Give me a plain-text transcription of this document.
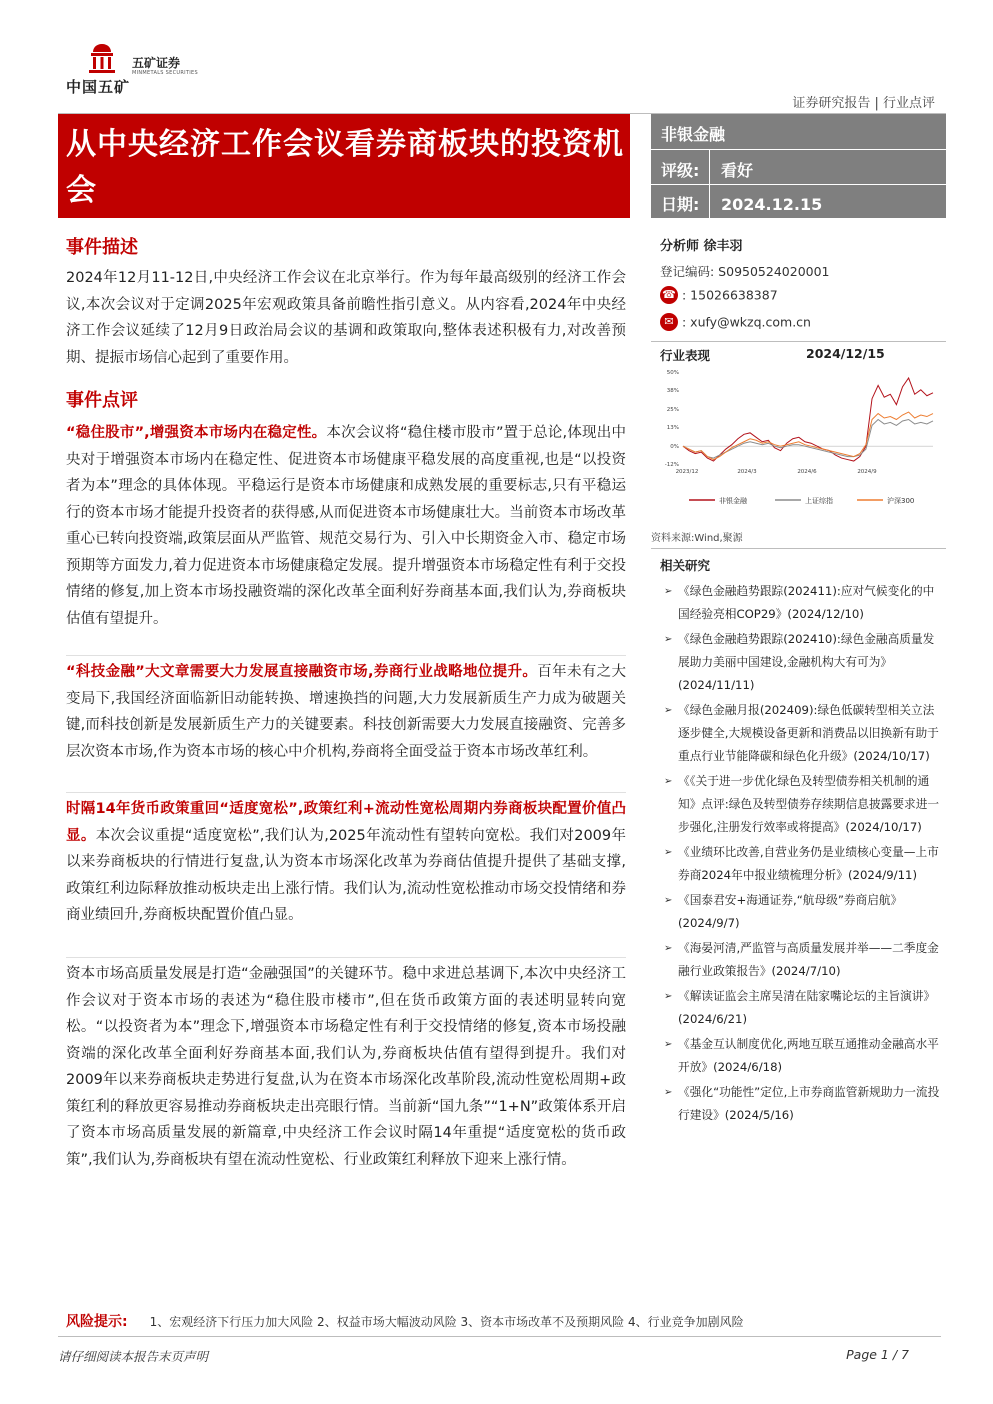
中国五矿
五矿证券
MINMETALS SECURITIES
证券研究报告 | 行业点评
从中央经济工作会议看券商板块的投资机会
非银金融
评级: 看好
日期: 2024.12.15
事件描述
2024年12月11-12日,中央经济工作会议在北京举行。作为每年最高级别的经济工作会议,本次会议对于定调2025年宏观政策具备前瞻性指引意义。从内容看,2024年中央经济工作会议延续了12月9日政治局会议的基调和政策取向,整体表述积极有力,对改善预期、提振市场信心起到了重要作用。
事件点评
“稳住股市”,增强资本市场内在稳定性。本次会议将“稳住楼市股市”置于总论,体现出中央对于增强资本市场内在稳定性、促进资本市场健康平稳发展的高度重视,也是“以投资者为本”理念的具体体现。平稳运行是资本市场健康和成熟发展的重要标志,只有平稳运行的资本市场才能提升投资者的获得感,从而促进资本市场健康壮大。当前资本市场改革重心已转向投资端,政策层面从严监管、规范交易行为、引入中长期资金入市、稳定市场预期等方面发力,着力促进资本市场健康稳定发展。提升增强资本市场稳定性有利于交投情绪的修复,加上资本市场投融资端的深化改革全面利好券商基本面,我们认为,券商板块估值有望提升。
“科技金融”大文章需要大力发展直接融资市场,券商行业战略地位提升。百年未有之大变局下,我国经济面临新旧动能转换、增速换挡的问题,大力发展新质生产力成为破题关键,而科技创新是发展新质生产力的关键要素。科技创新需要大力发展直接融资、完善多层次资本市场,作为资本市场的核心中介机构,券商将全面受益于资本市场改革红利。
时隔14年货币政策重回“适度宽松”,政策红利+流动性宽松周期内券商板块配置价值凸显。本次会议重提“适度宽松”,我们认为,2025年流动性有望转向宽松。我们对2009年以来券商板块的行情进行复盘,认为资本市场深化改革为券商估值提升提供了基础支撑,政策红利边际释放推动板块走出上涨行情。我们认为,流动性宽松推动市场交投情绪和券商业绩回升,券商板块配置价值凸显。
资本市场高质量发展是打造“金融强国”的关键环节。稳中求进总基调下,本次中央经济工作会议对于资本市场的表述为“稳住股市楼市”,但在货币政策方面的表述明显转向宽松。“以投资者为本”理念下,增强资本市场稳定性有利于交投情绪的修复,资本市场投融资端的深化改革全面利好券商基本面,我们认为,券商板块估值有望得到提升。我们对2009年以来券商板块走势进行复盘,认为在资本市场深化改革阶段,流动性宽松周期+政策红利的释放更容易推动券商板块走出亮眼行情。当前新“国九条”“1+N”政策体系开启了资本市场高质量发展的新篇章,中央经济工作会议时隔14年重提“适度宽松的货币政策”,我们认为,券商板块有望在流动性宽松、行业政策红利释放下迎来上涨行情。
分析师 徐丰羽
登记编码: S0950524020001
☎ : 15026638387
✉ : xufy@wkzq.com.cn
行业表现	2024/12/15
50%
38%
25%
13%
0%
-12%
2023/12	2024/3	2024/6	2024/9
非银金融	上证综指	沪深300
资料来源:Wind,聚源
相关研究
➢ 《绿色金融趋势跟踪(202411):应对气候变化的中国经验亮相COP29》(2024/12/10)
➢ 《绿色金融趋势跟踪(202410):绿色金融高质量发展助力美丽中国建设,金融机构大有可为》(2024/11/11)
➢ 《绿色金融月报(202409):绿色低碳转型相关立法逐步健全,大规模设备更新和消费品以旧换新有助于重点行业节能降碳和绿色化升级》(2024/10/17)
➢ 《《关于进一步优化绿色及转型债券相关机制的通知》点评:绿色及转型债券存续期信息披露要求进一步强化,注册发行效率或将提高》(2024/10/17)
➢ 《业绩环比改善,自营业务仍是业绩核心变量—上市券商2024年中报业绩梳理分析》(2024/9/11)
➢ 《国泰君安+海通证券,“航母级”券商启航》(2024/9/7)
➢ 《海晏河清,严监管与高质量发展并举——二季度金融行业政策报告》(2024/7/10)
➢ 《解读证监会主席吴清在陆家嘴论坛的主旨演讲》(2024/6/21)
➢ 《基金互认制度优化,两地互联互通推动金融高水平开放》(2024/6/18)
➢ 《强化“功能性”定位,上市券商监管新规助力一流投行建设》(2024/5/16)
风险提示: 1、宏观经济下行压力加大风险 2、权益市场大幅波动风险 3、资本市场改革不及预期风险 4、行业竞争加剧风险
请仔细阅读本报告末页声明	Page 1 / 7
